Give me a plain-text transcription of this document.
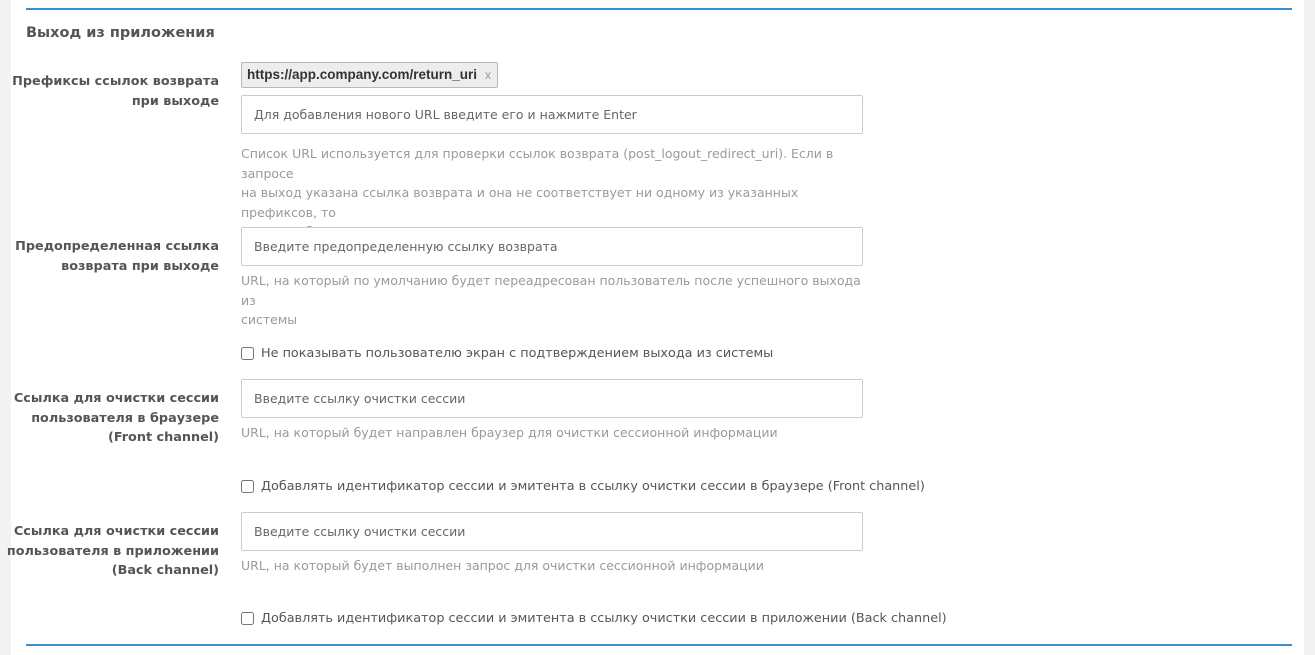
Выход из приложения
Префиксы ссылок возврата
при выходе
https://app.company.com/return_uri x
Для добавления нового URL введите его и нажмите Enter
Список URL используется для проверки ссылок возврата (post_logout_redirect_uri). Если в запросе
на выход указана ссылка возврата и она не соответствует ни одному из указанных префиксов, то
Предопределенная ссылка
возврата при выходе
Введите предопределенную ссылку возврата
URL, на который по умолчанию будет переадресован пользователь после успешного выхода из
системы
Не показывать пользователю экран с подтверждением выхода из системы
Ссылка для очистки сессии
пользователя в браузере
(Front channel)
Введите ссылку очистки сессии URL, на который будет направлен браузер для очистки сессионной информации
Добавлять идентификатор сессии и эмитента в ссылку очистки сессии в браузере (Front channel)
Ссылка для очистки сессии
пользователя в приложении
(Back channel)
Введите ссылку очистки сессии URL, на который будет выполнен запрос для очистки сессионной информации
Добавлять идентификатор сессии и эмитента в ссылку очистки сессии в приложении (Back channel)
